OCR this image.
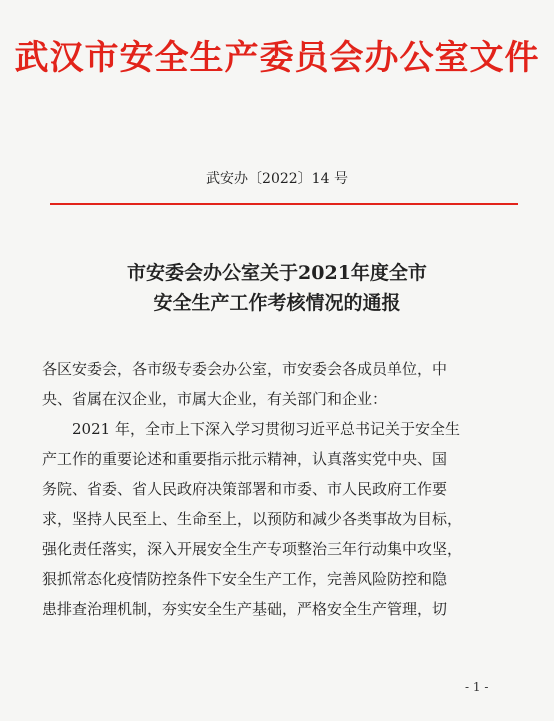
武汉市安全生产委员会办公室文件
武安办〔2022〕14 号
市安委会办公室关于2021年度全市
安全生产工作考核情况的通报

各区安委会，各市级专委会办公室，市安委会各成员单位，中

央、省属在汉企业，市属大企业，有关部门和企业：

　　2021 年，全市上下深入学习贯彻习近平总书记关于安全生

产工作的重要论述和重要指示批示精神，认真落实党中央、国

务院、省委、省人民政府决策部署和市委、市人民政府工作要

求，坚持人民至上、生命至上，以预防和减少各类事故为目标，

强化责任落实，深入开展安全生产专项整治三年行动集中攻坚，

狠抓常态化疫情防控条件下安全生产工作，完善风险防控和隐

患排查治理机制，夯实安全生产基础，严格安全生产管理，切

- 1 -
